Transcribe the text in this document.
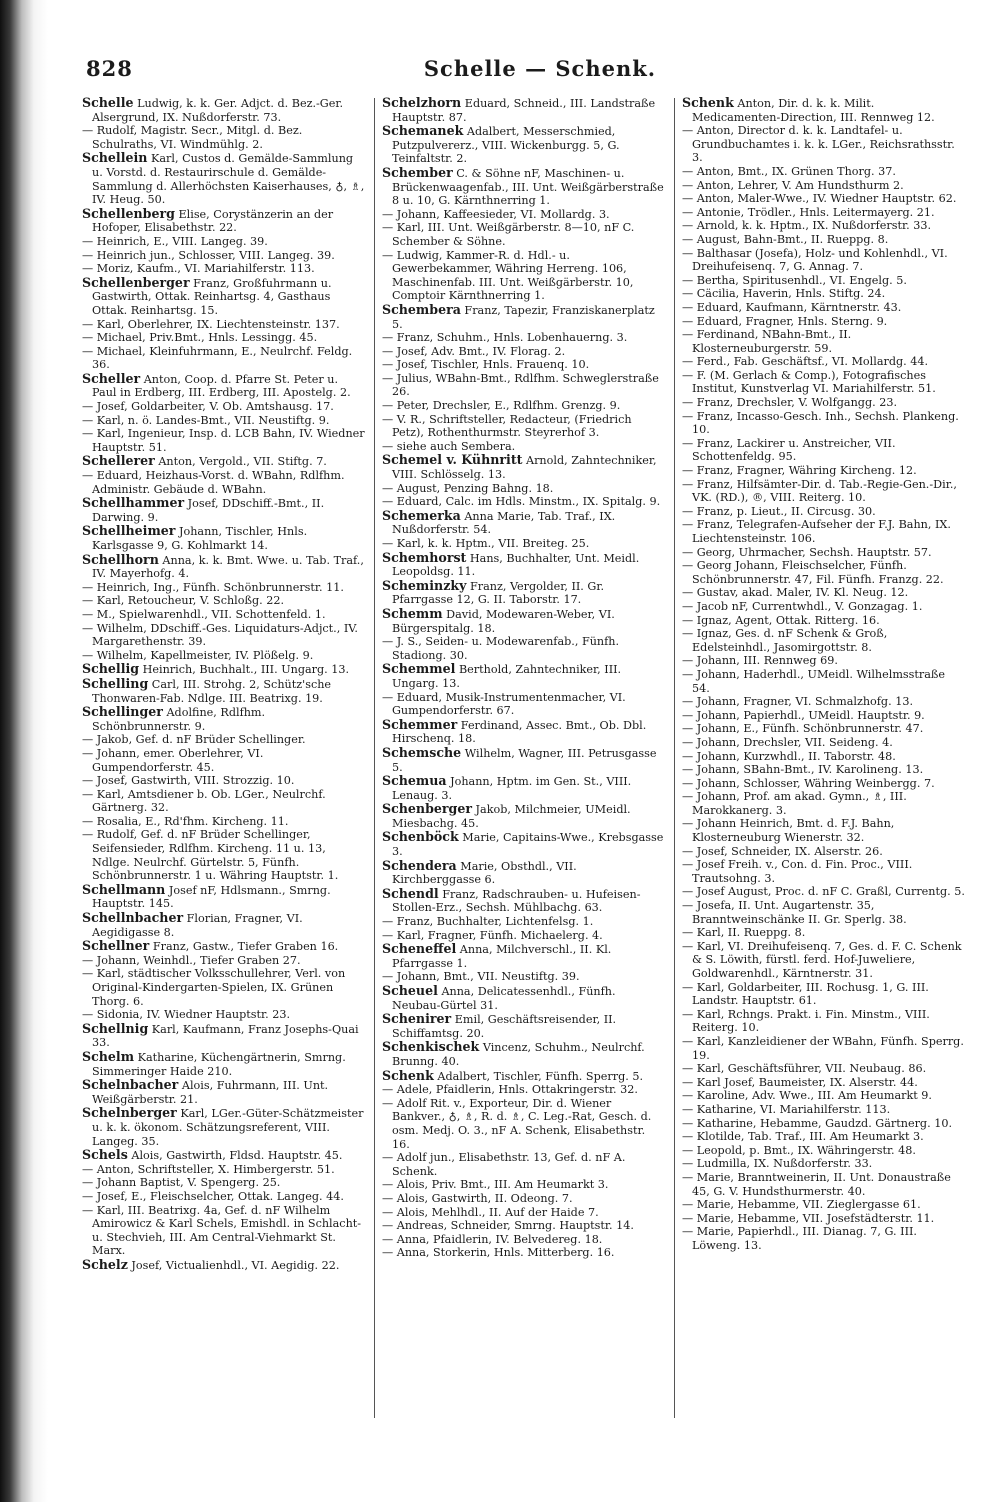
828	Schelle — Schenk.

Schelle Ludwig, k. k. Ger. Adjct. d. Bez.-Ger. Alsergrund, IX. Nußdorferstr. 73.

— Rudolf, Magistr. Secr., Mitgl. d. Bez. Schulraths, VI. Windmühlg. 2.

Schellein Karl, Custos d. Gemälde-Sammlung u. Vorstd. d. Restaurirschule d. Gemälde-Sammlung d. Allerhöchsten Kaiserhauses, ♁, ♗, IV. Heug. 50.

Schellenberg Elise, Corystänzerin an der Hofoper, Elisabethstr. 22.

— Heinrich, E., VIII. Langeg. 39.

— Heinrich jun., Schlosser, VIII. Langeg. 39.

— Moriz, Kaufm., VI. Mariahilferstr. 113.

Schellenberger Franz, Großfuhrmann u. Gastwirth, Ottak. Reinhartsg. 4, Gasthaus Ottak. Reinhartsg. 15.

— Karl, Oberlehrer, IX. Liechtensteinstr. 137.

— Michael, Priv.Bmt., Hnls. Lessingg. 45.

— Michael, Kleinfuhrmann, E., Neulrchf. Feldg. 36.

Scheller Anton, Coop. d. Pfarre St. Peter u. Paul in Erdberg, III. Erdberg, III. Apostelg. 2.

— Josef, Goldarbeiter, V. Ob. Amtshausg. 17.

— Karl, n. ö. Landes-Bmt., VII. Neustiftg. 9.

— Karl, Ingenieur, Insp. d. LCB Bahn, IV. Wiedner Hauptstr. 51.

Schellerer Anton, Vergold., VII. Stiftg. 7.

— Eduard, Heizhaus-Vorst. d. WBahn, Rdlfhm. Administr. Gebäude d. WBahn.

Schellhammer Josef, DDschiff.-Bmt., II. Darwing. 9.

Schellheimer Johann, Tischler, Hnls. Karlsgasse 9, G. Kohlmarkt 14.

Schellhorn Anna, k. k. Bmt. Wwe. u. Tab. Traf., IV. Mayerhofg. 4.

— Heinrich, Ing., Fünfh. Schönbrunnerstr. 11.

— Karl, Retoucheur, V. Schloßg. 22.

— M., Spielwarenhdl., VII. Schottenfeld. 1.

— Wilhelm, DDschiff.-Ges. Liquidaturs-Adjct., IV. Margarethenstr. 39.

— Wilhelm, Kapellmeister, IV. Plößelg. 9.

Schellig Heinrich, Buchhalt., III. Ungarg. 13.

Schelling Carl, III. Strohg. 2, Schütz'sche Thonwaren-Fab. Ndlge. III. Beatrixg. 19.

Schellinger Adolfine, Rdlfhm. Schönbrunnerstr. 9.

— Jakob, Gef. d. nF Brüder Schellinger.

— Johann, emer. Oberlehrer, VI. Gumpendorferstr. 45.

— Josef, Gastwirth, VIII. Strozzig. 10.

— Karl, Amtsdiener b. Ob. LGer., Neulrchf. Gärtnerg. 32.

— Rosalia, E., Rd'fhm. Kircheng. 11.

— Rudolf, Gef. d. nF Brüder Schellinger, Seifensieder, Rdlfhm. Kircheng. 11 u. 13, Ndlge. Neulrchf. Gürtelstr. 5, Fünfh. Schönbrunnerstr. 1 u. Währing Hauptstr. 1.

Schellmann Josef nF, Hdlsmann., Smrng. Hauptstr. 145.

Schellnbacher Florian, Fragner, VI. Aegidigasse 8.

Schellner Franz, Gastw., Tiefer Graben 16.

— Johann, Weinhdl., Tiefer Graben 27.

— Karl, städtischer Volksschullehrer, Verl. von Original-Kindergarten-Spielen, IX. Grünen Thorg. 6.

— Sidonia, IV. Wiedner Hauptstr. 23.

Schellnig Karl, Kaufmann, Franz Josephs-Quai 33.

Schelm Katharine, Küchengärtnerin, Smrng. Simmeringer Haide 210.

Schelnbacher Alois, Fuhrmann, III. Unt. Weißgärberstr. 21.

Schelnberger Karl, LGer.-Güter-Schätzmeister u. k. k. ökonom. Schätzungsreferent, VIII. Langeg. 35.

Schels Alois, Gastwirth, Fldsd. Hauptstr. 45.

— Anton, Schriftsteller, X. Himbergerstr. 51.

— Johann Baptist, V. Spengerg. 25.

— Josef, E., Fleischselcher, Ottak. Langeg. 44.

— Karl, III. Beatrixg. 4a, Gef. d. nF Wilhelm Amirowicz & Karl Schels, Emishdl. in Schlacht- u. Stechvieh, III. Am Central-Viehmarkt St. Marx.

Schelz Josef, Victualienhdl., VI. Aegidig. 22.

Schelzhorn Eduard, Schneid., III. Landstraße Hauptstr. 87.

Schemanek Adalbert, Messerschmied, Putzpulvererz., VIII. Wickenburgg. 5, G. Teinfaltstr. 2.

Schember C. & Söhne nF, Maschinen- u. Brückenwaagenfab., III. Unt. Weißgärberstraße 8 u. 10, G. Kärnthnerring 1.

— Johann, Kaffeesieder, VI. Mollardg. 3.

— Karl, III. Unt. Weißgärberstr. 8—10, nF C. Schember & Söhne.

— Ludwig, Kammer-R. d. Hdl.- u. Gewerbekammer, Währing Herreng. 106, Maschinenfab. III. Unt. Weißgärberstr. 10, Comptoir Kärnthnerring 1.

Schembera Franz, Tapezir, Franziskanerplatz 5.

— Franz, Schuhm., Hnls. Lobenhauerng. 3.

— Josef, Adv. Bmt., IV. Florag. 2.

— Josef, Tischler, Hnls. Frauenq. 10.

— Julius, WBahn-Bmt., Rdlfhm. Schweglerstraße 26.

— Peter, Drechsler, E., Rdlfhm. Grenzg. 9.

— V. R., Schriftsteller, Redacteur, (Friedrich Petz), Rothenthurmstr. Steyrerhof 3.

— siehe auch Sembera.

Schemel v. Kühnritt Arnold, Zahntechniker, VIII. Schlösselg. 13.

— August, Penzing Bahng. 18.

— Eduard, Calc. im Hdls. Minstm., IX. Spitalg. 9.

Schemerka Anna Marie, Tab. Traf., IX. Nußdorferstr. 54.

— Karl, k. k. Hptm., VII. Breiteg. 25.

Schemhorst Hans, Buchhalter, Unt. Meidl. Leopoldsg. 11.

Scheminzky Franz, Vergolder, II. Gr. Pfarrgasse 12, G. II. Taborstr. 17.

Schemm David, Modewaren-Weber, VI. Bürgerspitalg. 18.

— J. S., Seiden- u. Modewarenfab., Fünfh. Stadiong. 30.

Schemmel Berthold, Zahntechniker, III. Ungarg. 13.

— Eduard, Musik-Instrumentenmacher, VI. Gumpendorferstr. 67.

Schemmer Ferdinand, Assec. Bmt., Ob. Dbl. Hirschenq. 18.

Schemsche Wilhelm, Wagner, III. Petrusgasse 5.

Schemua Johann, Hptm. im Gen. St., VIII. Lenaug. 3.

Schenberger Jakob, Milchmeier, UMeidl. Miesbachg. 45.

Schenböck Marie, Capitains-Wwe., Krebsgasse 3.

Schendera Marie, Obsthdl., VII. Kirchberggasse 6.

Schendl Franz, Radschrauben- u. Hufeisen-Stollen-Erz., Sechsh. Mühlbachg. 63.

— Franz, Buchhalter, Lichtenfelsg. 1.

— Karl, Fragner, Fünfh. Michaelerg. 4.

Scheneffel Anna, Milchverschl., II. Kl. Pfarrgasse 1.

— Johann, Bmt., VII. Neustiftg. 39.

Scheuel Anna, Delicatessenhdl., Fünfh. Neubau-Gürtel 31.

Schenirer Emil, Geschäftsreisender, II. Schiffamtsg. 20.

Schenkischek Vincenz, Schuhm., Neulrchf. Brunng. 40.

Schenk Adalbert, Tischler, Fünfh. Sperrg. 5.

— Adele, Pfaidlerin, Hnls. Ottakringerstr. 32.

— Adolf Rit. v., Exporteur, Dir. d. Wiener Bankver., ♁, ♗, R. d. ♗, C. Leg.-Rat, Gesch. d. osm. Medj. O. 3., nF A. Schenk, Elisabethstr. 16.

— Adolf jun., Elisabethstr. 13, Gef. d. nF A. Schenk.

— Alois, Priv. Bmt., III. Am Heumarkt 3.

— Alois, Gastwirth, II. Odeong. 7.

— Alois, Mehlhdl., II. Auf der Haide 7.

— Andreas, Schneider, Smrng. Hauptstr. 14.

— Anna, Pfaidlerin, IV. Belvedereg. 18.

— Anna, Storkerin, Hnls. Mitterberg. 16.

Schenk Anton, Dir. d. k. k. Milit. Medicamenten-Direction, III. Rennweg 12.

— Anton, Director d. k. k. Landtafel- u. Grundbuchamtes i. k. k. LGer., Reichsrathsstr. 3.

— Anton, Bmt., IX. Grünen Thorg. 37.

— Anton, Lehrer, V. Am Hundsthurm 2.

— Anton, Maler-Wwe., IV. Wiedner Hauptstr. 62.

— Antonie, Trödler., Hnls. Leitermayerg. 21.

— Arnold, k. k. Hptm., IX. Nußdorferstr. 33.

— August, Bahn-Bmt., II. Rueppg. 8.

— Balthasar (Josefa), Holz- und Kohlenhdl., VI. Dreihufeisenq. 7, G. Annag. 7.

— Bertha, Spiritusenhdl., VI. Engelg. 5.

— Cäcilia, Haverin, Hnls. Stiftg. 24.

— Eduard, Kaufmann, Kärntnerstr. 43.

— Eduard, Fragner, Hnls. Sterng. 9.

— Ferdinand, NBahn-Bmt., II. Klosterneuburgerstr. 59.

— Ferd., Fab. Geschäftsf., VI. Mollardg. 44.

— F. (M. Gerlach & Comp.), Fotografisches Institut, Kunstverlag VI. Mariahilferstr. 51.

— Franz, Drechsler, V. Wolfgangg. 23.

— Franz, Incasso-Gesch. Inh., Sechsh. Plankeng. 10.

— Franz, Lackirer u. Anstreicher, VII. Schottenfeldg. 95.

— Franz, Fragner, Währing Kircheng. 12.

— Franz, Hilfsämter-Dir. d. Tab.-Regie-Gen.-Dir., VK. (RD.), ®, VIII. Reiterg. 10.

— Franz, p. Lieut., II. Circusg. 30.

— Franz, Telegrafen-Aufseher der F.J. Bahn, IX. Liechtensteinstr. 106.

— Georg, Uhrmacher, Sechsh. Hauptstr. 57.

— Georg Johann, Fleischselcher, Fünfh. Schönbrunnerstr. 47, Fil. Fünfh. Franzg. 22.

— Gustav, akad. Maler, IV. Kl. Neug. 12.

— Jacob nF, Currentwhdl., V. Gonzagag. 1.

— Ignaz, Agent, Ottak. Ritterg. 16.

— Ignaz, Ges. d. nF Schenk & Groß, Edelsteinhdl., Jasomirgottstr. 8.

— Johann, III. Rennweg 69.

— Johann, Haderhdl., UMeidl. Wilhelmsstraße 54.

— Johann, Fragner, VI. Schmalzhofg. 13.

— Johann, Papierhdl., UMeidl. Hauptstr. 9.

— Johann, E., Fünfh. Schönbrunnerstr. 47.

— Johann, Drechsler, VII. Seideng. 4.

— Johann, Kurzwhdl., II. Taborstr. 48.

— Johann, SBahn-Bmt., IV. Karolineng. 13.

— Johann, Schlosser, Währing Weinbergg. 7.

— Johann, Prof. am akad. Gymn., ♗, III. Marokkanerg. 3.

— Johann Heinrich, Bmt. d. F.J. Bahn, Klosterneuburg Wienerstr. 32.

— Josef, Schneider, IX. Alserstr. 26.

— Josef Freih. v., Con. d. Fin. Proc., VIII. Trautsohng. 3.

— Josef August, Proc. d. nF C. Graßl, Currentg. 5.

— Josefa, II. Unt. Augartenstr. 35, Branntweinschänke II. Gr. Sperlg. 38.

— Karl, II. Rueppg. 8.

— Karl, VI. Dreihufeisenq. 7, Ges. d. F. C. Schenk & S. Löwith, fürstl. ferd. Hof-Juweliere, Goldwarenhdl., Kärntnerstr. 31.

— Karl, Goldarbeiter, III. Rochusg. 1, G. III. Landstr. Hauptstr. 61.

— Karl, Rchngs. Prakt. i. Fin. Minstm., VIII. Reiterg. 10.

— Karl, Kanzleidiener der WBahn, Fünfh. Sperrg. 19.

— Karl, Geschäftsführer, VII. Neubaug. 86.

— Karl Josef, Baumeister, IX. Alserstr. 44.

— Karoline, Adv. Wwe., III. Am Heumarkt 9.

— Katharine, VI. Mariahilferstr. 113.

— Katharine, Hebamme, Gaudzd. Gärtnerg. 10.

— Klotilde, Tab. Traf., III. Am Heumarkt 3.

— Leopold, p. Bmt., IX. Währingerstr. 48.

— Ludmilla, IX. Nußdorferstr. 33.

— Marie, Branntweinerin, II. Unt. Donaustraße 45, G. V. Hundsthurmerstr. 40.

— Marie, Hebamme, VII. Zieglergasse 61.

— Marie, Hebamme, VII. Josefstädterstr. 11.

— Marie, Papierhdl., III. Dianag. 7, G. III. Löweng. 13.
